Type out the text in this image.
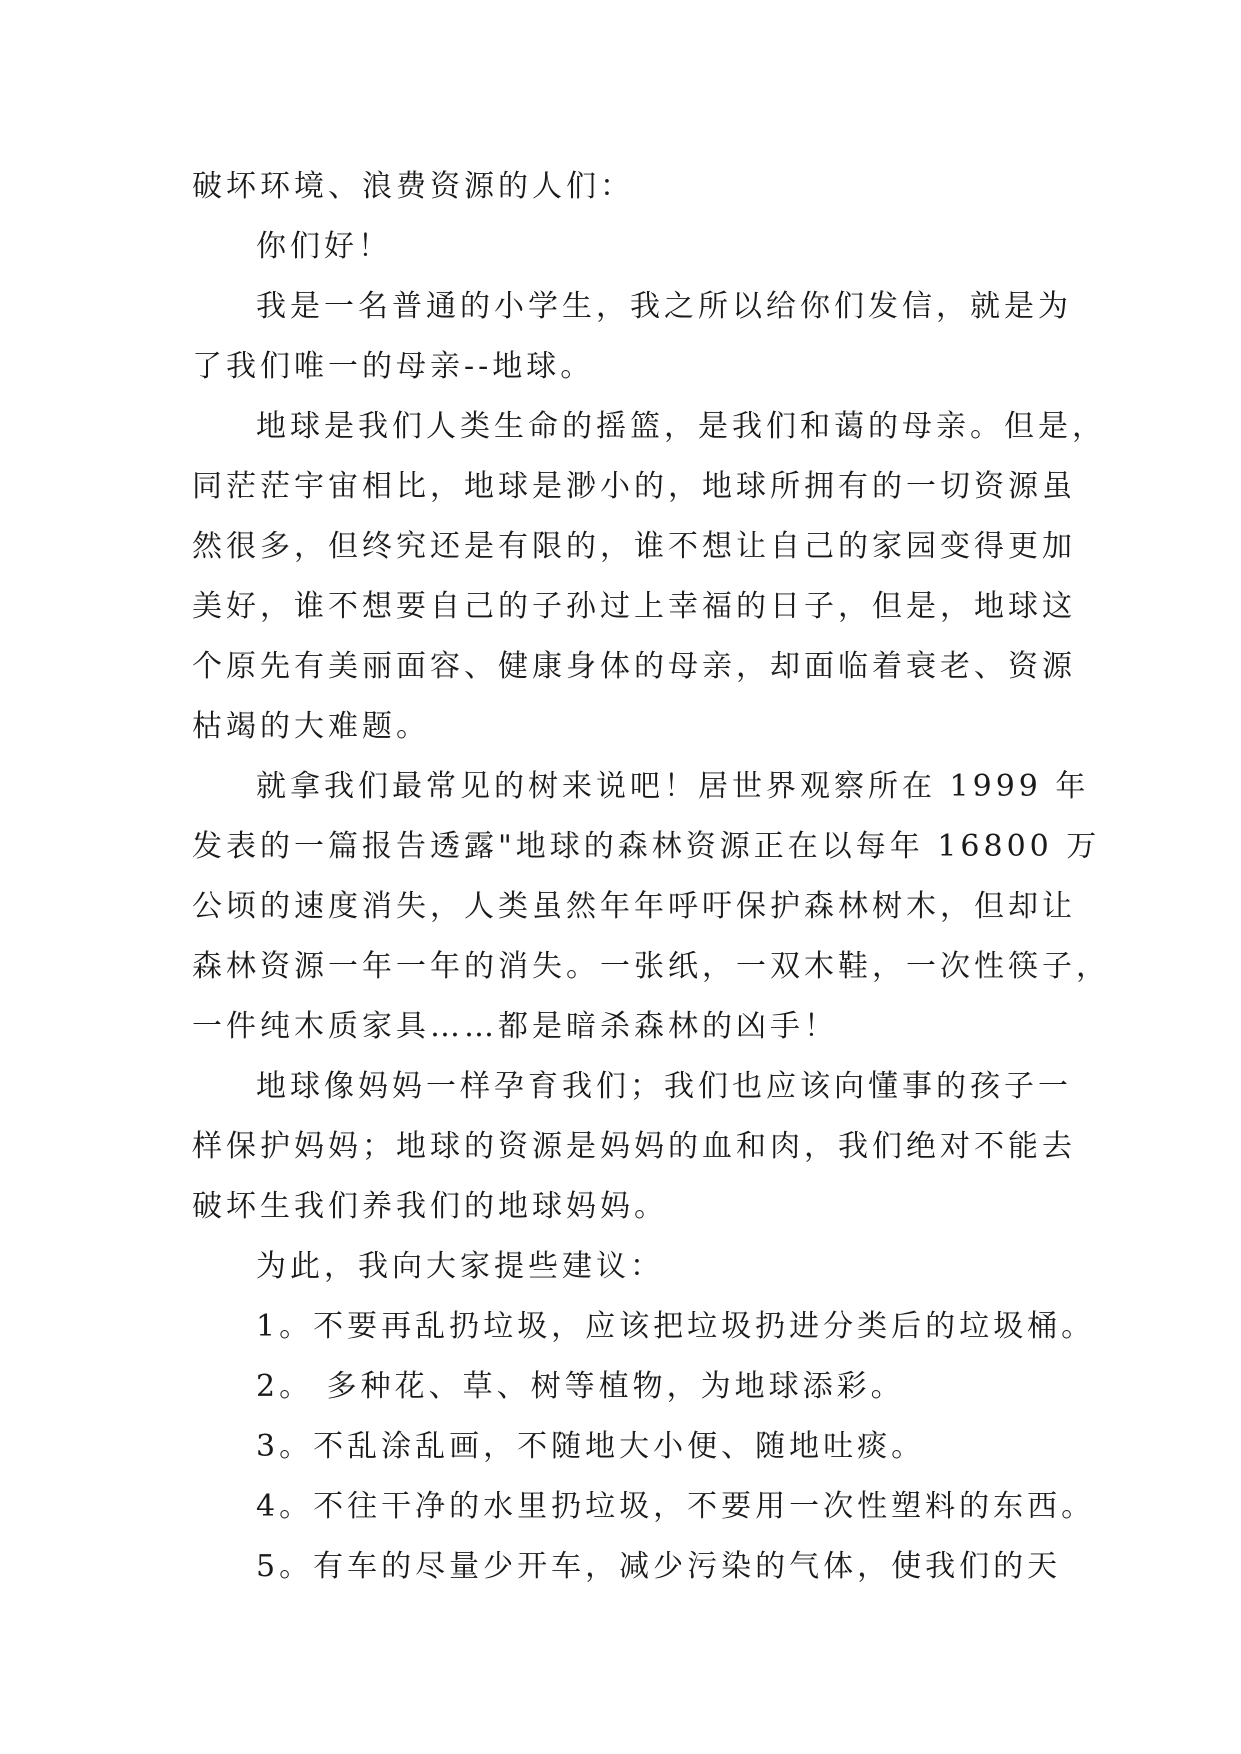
破坏环境、浪费资源的人们：

你们好！

我是一名普通的小学生，我之所以给你们发信，就是为

了我们唯一的母亲--地球。

地球是我们人类生命的摇篮，是我们和蔼的母亲。但是，

同茫茫宇宙相比，地球是渺小的，地球所拥有的一切资源虽

然很多，但终究还是有限的，谁不想让自己的家园变得更加

美好，谁不想要自己的子孙过上幸福的日子，但是，地球这

个原先有美丽面容、健康身体的母亲，却面临着衰老、资源

枯竭的大难题。

就拿我们最常见的树来说吧！居世界观察所在 1999 年

发表的一篇报告透露"地球的森林资源正在以每年 16800 万

公顷的速度消失，人类虽然年年呼吁保护森林树木，但却让

森林资源一年一年的消失。一张纸，一双木鞋，一次性筷子，

一件纯木质家具……都是暗杀森林的凶手！

地球像妈妈一样孕育我们；我们也应该向懂事的孩子一

样保护妈妈；地球的资源是妈妈的血和肉，我们绝对不能去

破坏生我们养我们的地球妈妈。

为此，我向大家提些建议：

1。不要再乱扔垃圾，应该把垃圾扔进分类后的垃圾桶。

2。 多种花、草、树等植物，为地球添彩。

3。不乱涂乱画，不随地大小便、随地吐痰。

4。不往干净的水里扔垃圾，不要用一次性塑料的东西。

5。有车的尽量少开车，减少污染的气体，使我们的天
